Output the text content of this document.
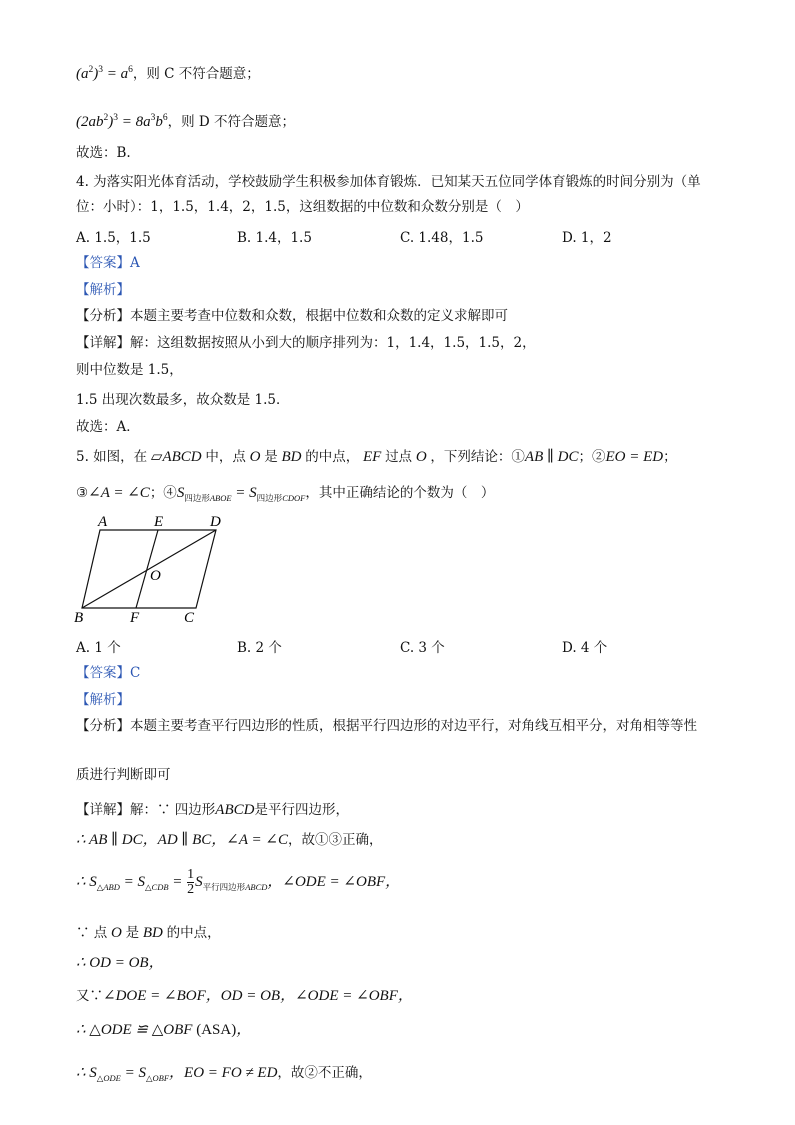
$(a^2)^3 = a^6$，则 C 不符合题意；
$(2ab^2)^3 = 8a^3b^6$，则 D 不符合题意；
故选：B.
4. 为落实阳光体育活动，学校鼓励学生积极参加体育锻炼．已知某天五位同学体育锻炼的时间分别为（单
位：小时）：1，1.5，1.4，2，1.5，这组数据的中位数和众数分别是（　）
A. 1.5，1.5	B. 1.4，1.5	C. 1.48，1.5	D. 1，2
【答案】A
【解析】
【分析】本题主要考查中位数和众数，根据中位数和众数的定义求解即可
【详解】解：这组数据按照从小到大的顺序排列为：1，1.4，1.5，1.5，2，
则中位数是 1.5，
1.5 出现次数最多，故众数是 1.5．
故选：A．
5. 如图，在 ▱ABCD 中，点 O 是 BD 的中点， EF 过点 O ，下列结论：①AB ∥ DC；②EO = ED；
③∠A = ∠C；$④S_{四边形ABOE} = S_{四边形CDOF}$，其中正确结论的个数为（　）
A	E	D
O
B	F	C
A. 1 个	B. 2 个	C. 3 个	D. 4 个
【答案】C
【解析】
【分析】本题主要考查平行四边形的性质，根据平行四边形的对边平行，对角线互相平分，对角相等等性
质进行判断即可
【详解】解：∵ 四边形ABCD是平行四边形，
∴ AB ∥ DC，AD ∥ BC，∠A = ∠C，故①③正确，
∴ $S_{\triangle ABD} = S_{\triangle CDB} = \frac{1}{2} S_{平行四边形ABCD}$，∠ODE = ∠OBF，
∵ 点 O 是 BD 的中点，
∴ OD = OB，
又∵∠DOE = ∠BOF，OD = OB，∠ODE = ∠OBF，
∴ △ODE ≌ △OBF (ASA)，
∴ $S_{\triangle ODE} = S_{\triangle OBF}$，EO = FO ≠ ED，故②不正确，
